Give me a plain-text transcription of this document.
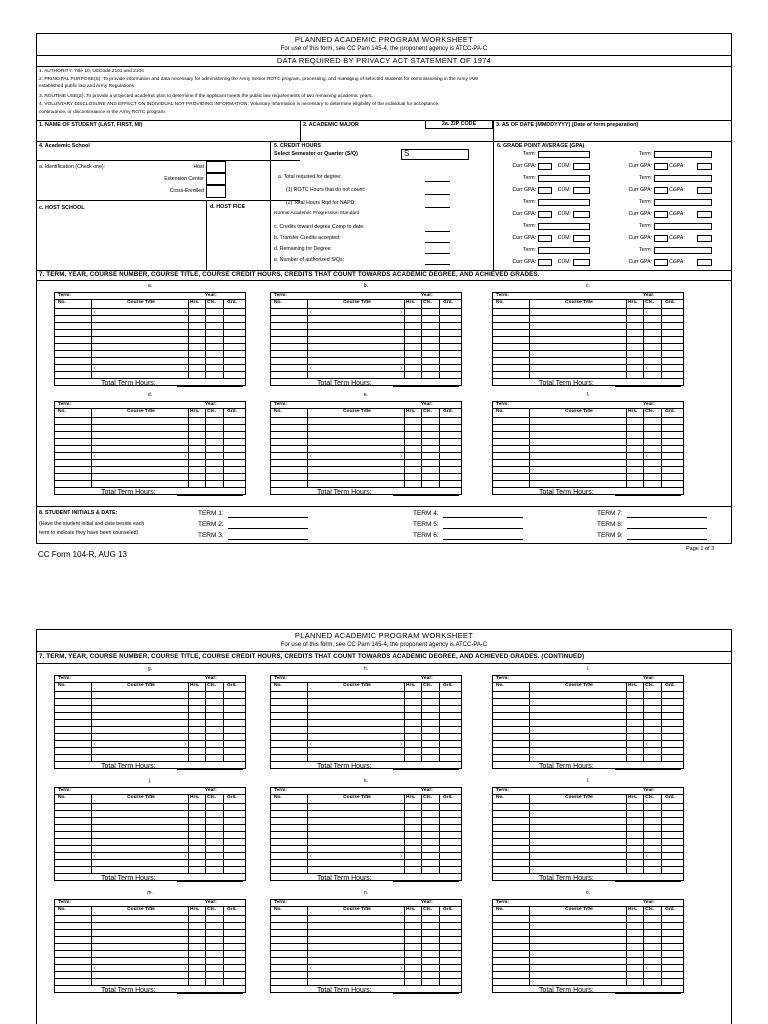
PLANNED ACADEMIC PROGRAM WORKSHEET
For use of this form, see CC Pam 145-4, the proponent agency is ATCC-PA-C
DATA REQUIRED BY PRIVACY ACT STATEMENT OF 1974
1. AUTHORITY: Title 10, USCode 2101 and 2104
2. PRINCIPAL PURPOSE(S): To provide information and data necessary for administering the Army Senior ROTC program, processing, and managing of selected students for commissioning in the Army IAW
established public law and Army Regulations.
3. ROUTINE USE(S): To provide a projected academic plan to determine if the applicant meets the public law requirements of two remaining academic years.
4. VOLUNTARY DISCLOSURE AND EFFECT ON INDIVIDUAL NOT PROVIDING INFORMATION: Voluntary information is necessary to determine eligibility of the individual for acceptance,
continuance, or discontinuance in the Army ROTC program.
1. NAME OF STUDENT (LAST, FIRST, MI)	2. ACADEMIC MAJOR	2a. ZIP CODE	3. AS OF DATE (MMDDYYYY) (Date of form preparation)
4. Academic School
a. Identification (Check one):	Host
Extension Center
Cross-Enrolled
c. HOST SCHOOL	d. HOST FICE
5. CREDIT HOURS
Select Semester or Quarter (S/Q)	S
a. Total required for degree:
(1) ROTC Hours that do not count:
(2) Total Hours Rqd for NAPD:
Normal Academic Progression Standard
c. Credits toward degree Comp to date:
b. Transfer Credits accepted:
d. Remaining for Degree:
e. Number of authorized S/Qs:
6. GRADE POINT AVERAGE (GPA)
Term:	Term:
Curr GPA:	CUM:	Curr GPA:	CGPA:
Term:	Term:
Curr GPA:	CUM:	Curr GPA:	CGPA:
Term:	Term:
Curr GPA:	CUM:	Curr GPA:	CGPA:
Term:	Term:
Curr GPA:	CUM:	Curr GPA:	CGPA:
Term:	Term:
Curr GPA:	CUM:	Curr GPA:	CGPA:
7. TERM, YEAR, COURSE NUMBER, COURSE TITLE, COURSE CREDIT HOURS, CREDITS THAT COUNT TOWARDS ACADEMIC DEGREE, AND ACHIEVED GRADES.
a.
Term:	Year:
No.	Course Title	Hrs. Cts. Grd.
Total Term Hours:
b.
Term:	Year:
No.	Course Title	Hrs. Cts. Grd.
Total Term Hours:
c.
Term:	Year:
No.	Course Title	Hrs. Cts. Grd.
Total Term Hours:
d.
Term:	Year:
No.	Course Title	Hrs. Cts. Grd.
Total Term Hours:
e.
Term:	Year:
No.	Course Title	Hrs. Cts. Grd.
Total Term Hours:
f.
Term:	Year:
No.	Course Title	Hrs. Cts. Grd.
Total Term Hours:
8. STUDENT INITIALS & DATE:
(Have the student initial and date beside each
term to indicate they have been counseled)
TERM 1:
TERM 2:
TERM 3:
TERM 4:
TERM 5:
TERM 6:
TERM 7:
TERM 8:
TERM 9:
CC Form 104-R, AUG 13
Page 1 of 3
PLANNED ACADEMIC PROGRAM WORKSHEET
For use of this form, see CC Pam 145-4, the proponent agency is ATCC-PA-C
7. TERM, YEAR, COURSE NUMBER, COURSE TITLE, COURSE CREDIT HOURS, CREDITS THAT COUNT TOWARDS ACADEMIC DEGREE, AND ACHIEVED GRADES. (CONTINUED)
g.
Term:	Year:
No.	Course Title	Hrs. Cts. Grd.
Total Term Hours:
h.
Term:	Year:
No.	Course Title	Hrs. Cts. Grd.
Total Term Hours:
i.
Term:	Year:
No.	Course Title	Hrs. Cts. Grd.
Total Term Hours:
j.
Term:	Year:
No.	Course Title	Hrs. Cts. Grd.
Total Term Hours:
k.
Term:	Year:
No.	Course Title	Hrs. Cts. Grd.
Total Term Hours:
l.
Term:	Year:
No.	Course Title	Hrs. Cts. Grd.
Total Term Hours:
m.
Term:	Year:
No.	Course Title	Hrs. Cts. Grd.
Total Term Hours:
n.
Term:	Year:
No.	Course Title	Hrs. Cts. Grd.
Total Term Hours:
o.
Term:	Year:
No.	Course Title	Hrs. Cts. Grd.
Total Term Hours:
